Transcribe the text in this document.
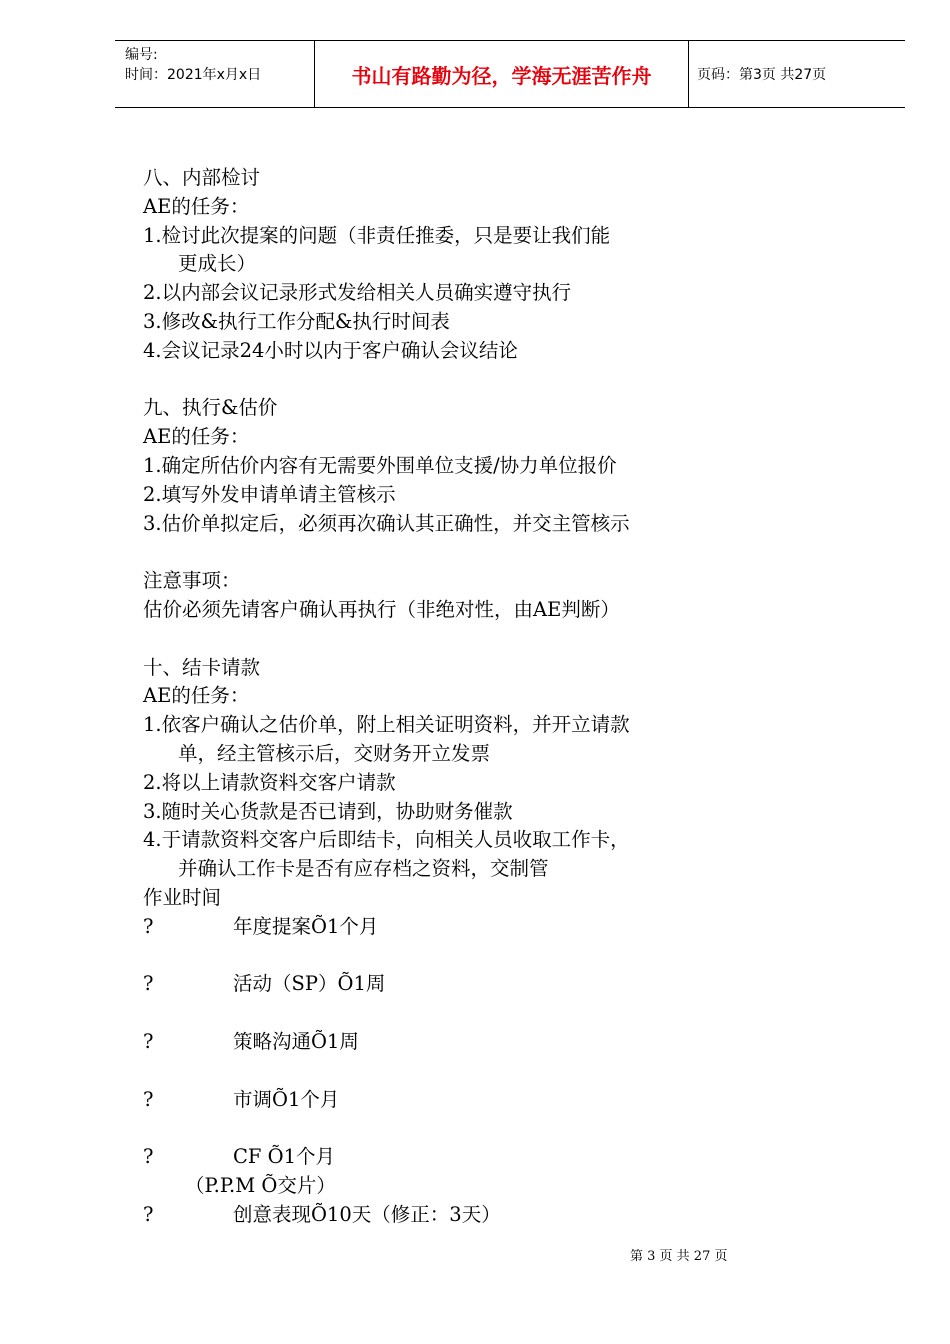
编号:
时间：2021年x月x日	书山有路勤为径，学海无涯苦作舟	页码：第3页 共27页
八、内部检讨
AE的任务：
1.检讨此次提案的问题（非责任推委，只是要让我们能
更成长）
2.以内部会议记录形式发给相关人员确实遵守执行
3.修改&执行工作分配&执行时间表
4.会议记录24小时以内于客户确认会议结论
九、执行&估价
AE的任务：
1.确定所估价内容有无需要外围单位支援/协力单位报价
2.填写外发申请单请主管核示
3.估价单拟定后，必须再次确认其正确性，并交主管核示
注意事项：
估价必须先请客户确认再执行（非绝对性，由AE判断）
十、结卡请款
AE的任务：
1.依客户确认之估价单，附上相关证明资料，并开立请款
单，经主管核示后，交财务开立发票
2.将以上请款资料交客户请款
3.随时关心货款是否已请到，协助财务催款
4.于请款资料交客户后即结卡，向相关人员收取工作卡，
并确认工作卡是否有应存档之资料，交制管
作业时间
?	年度提案Õ1个月
?	活动（SP）Õ1周
?	策略沟通Õ1周
?	市调Õ1个月
?	CF Õ1个月
（P.P.M Õ交片）
?	创意表现Õ10天（修正：3天）
第 3 页 共 27 页
